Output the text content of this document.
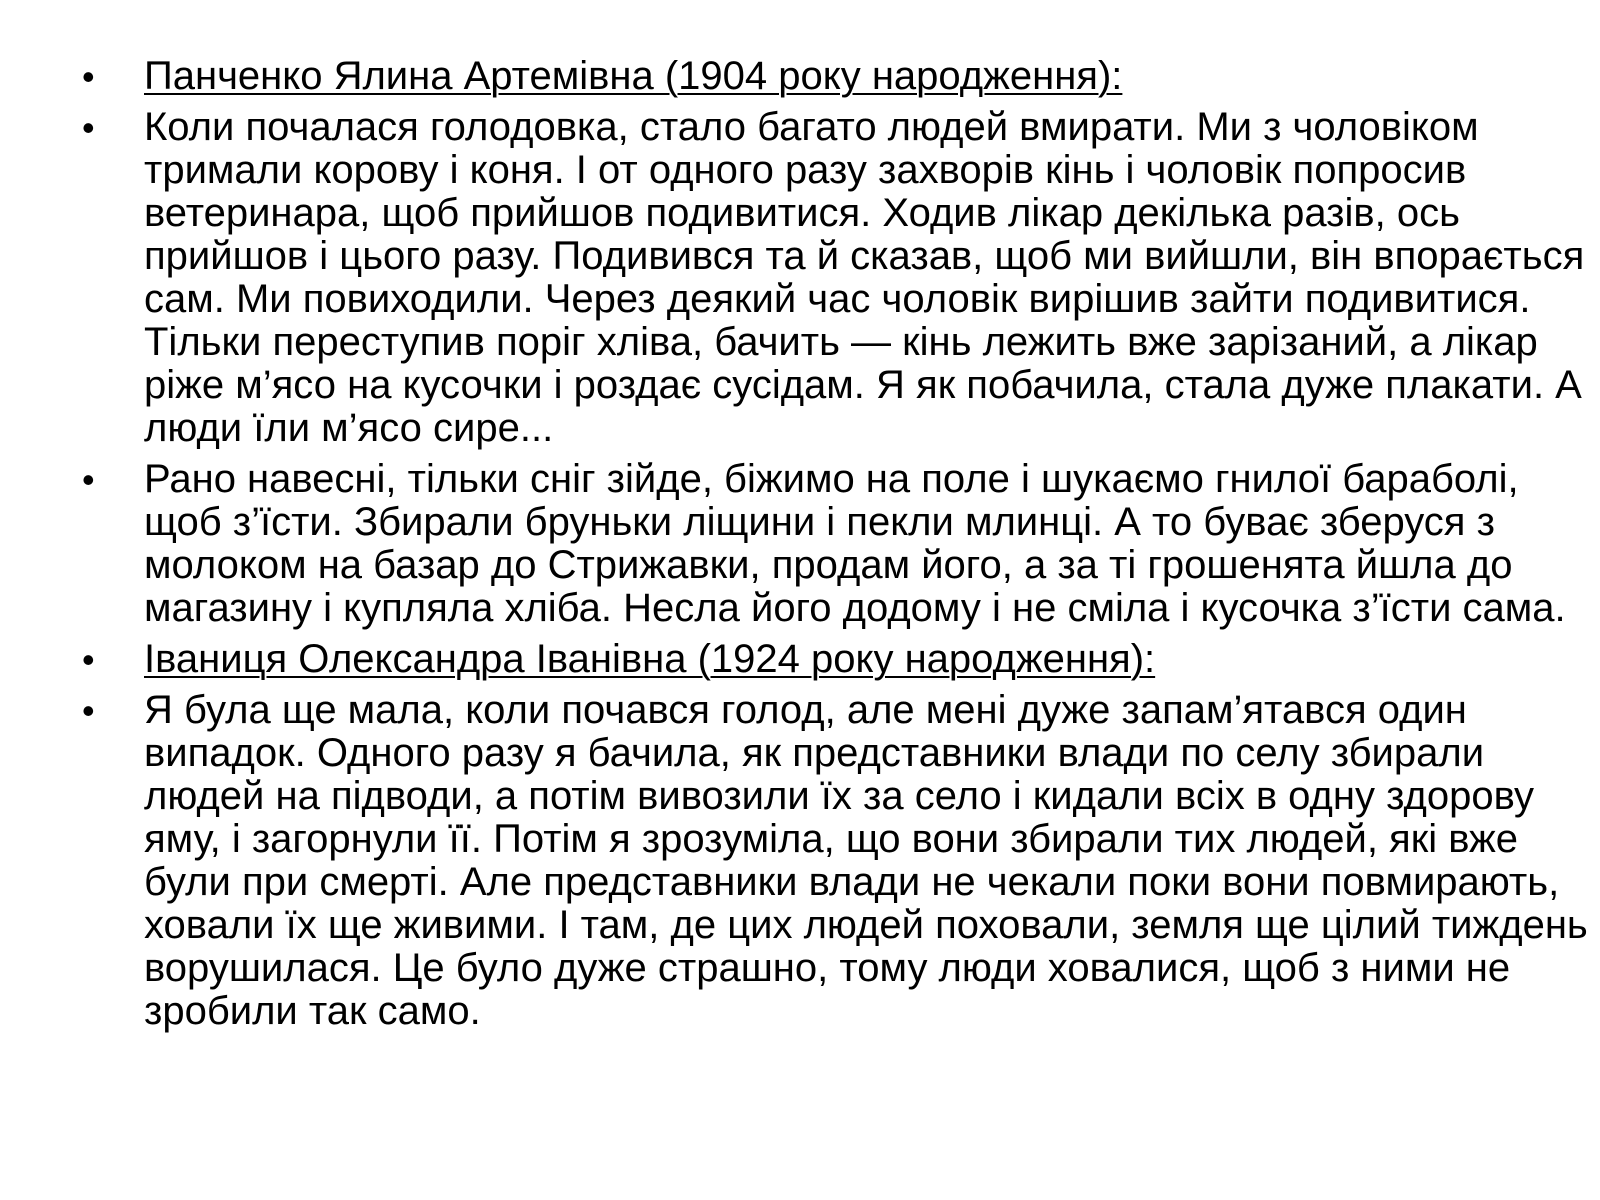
• Панченко Ялина Артемівна (1904 року народження):
• Коли почалася голодовка, стало багато людей вмирати. Ми з чоловіком тримали корову і коня. І от одного разу захворів кінь і чоловік попросив ветеринара, щоб прийшов подивитися. Ходив лікар декілька разів, ось прийшов і цього разу. Подивився та й сказав, щоб ми вийшли, він впорається сам. Ми повиходили. Через деякий час чоловік вирішив зайти подивитися. Тільки переступив поріг хліва, бачить — кінь лежить вже зарізаний, а лікар ріже м’ясо на кусочки і роздає сусідам. Я як побачила, стала дуже плакати. А люди їли м’ясо сире...
• Рано навесні, тільки сніг зійде, біжимо на поле і шукаємо гнилої бараболі, щоб з’їсти. Збирали бруньки ліщини і пекли млинці. А то буває зберуся з молоком на базар до Стрижавки, продам його, а за ті грошенята йшла до магазину і купляла хліба. Несла його додому і не сміла і кусочка з’їсти сама.
• Іваниця Олександра Іванівна (1924 року народження):
• Я була ще мала, коли почався голод, але мені дуже запам’ятався один випадок. Одного разу я бачила, як представники влади по селу збирали людей на підводи, а потім вивозили їх за село і кидали всіх в одну здорову яму, і загорнули її. Потім я зрозуміла, що вони збирали тих людей, які вже були при смерті. Але представники влади не чекали поки вони повмирають, ховали їх ще живими. І там, де цих людей поховали, земля ще цілий тиждень ворушилася. Це було дуже страшно, тому люди ховалися, щоб з ними не зробили так само.
